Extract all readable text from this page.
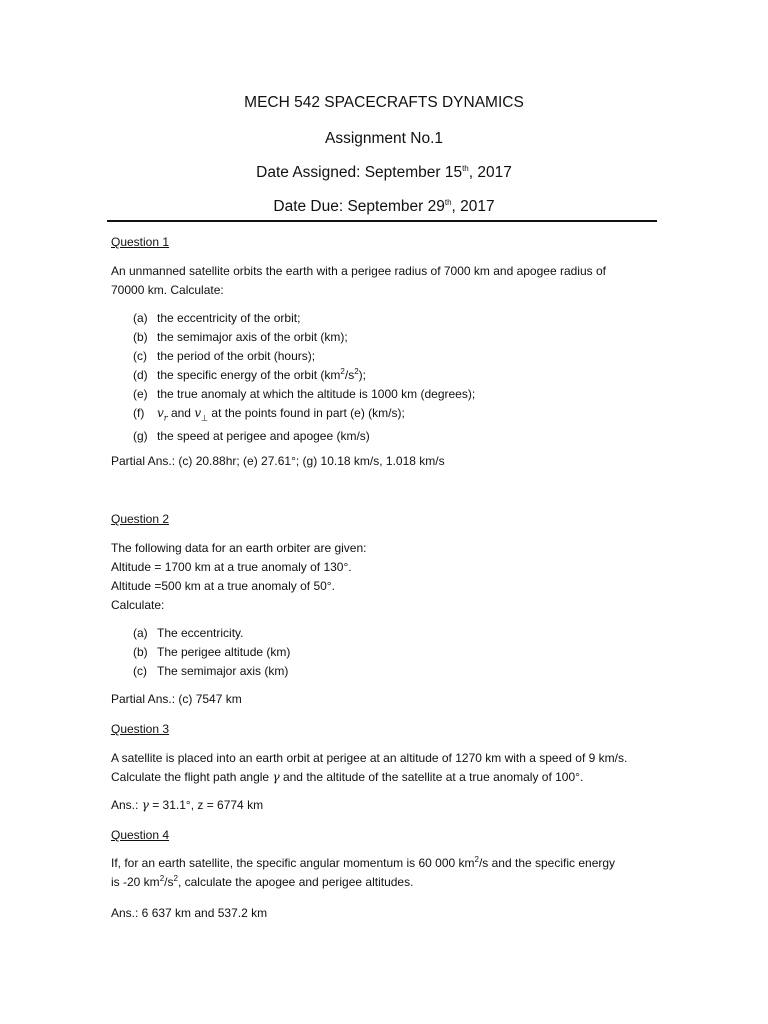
MECH 542 SPACECRAFTS DYNAMICS
Assignment No.1
Date Assigned: September 15th, 2017
Date Due: September 29th, 2017
Question 1
An unmanned satellite orbits the earth with a perigee radius of 7000 km and apogee radius of
70000 km. Calculate:
(a) the eccentricity of the orbit;
(b) the semimajor axis of the orbit (km);
(c) the period of the orbit (hours);
(d) the specific energy of the orbit $(km^2/s^2)$;
(e) the true anomaly at which the altitude is 1000 km (degrees);
(f)	$v_r$ and $v_\perp$ at the points found in part (e) (km/s);
(g) the speed at perigee and apogee (km/s)
Partial Ans.: (c) 20.88hr; (e) 27.61°; (g) 10.18 km/s, 1.018 km/s
Question 2
The following data for an earth orbiter are given:
Altitude = 1700 km at a true anomaly of 130°.
Altitude =500 km at a true anomaly of 50°.
Calculate:
(a) The eccentricity.
(b) The perigee altitude (km)
(c) The semimajor axis (km)
Partial Ans.: (c) 7547 km
Question 3
A satellite is placed into an earth orbit at perigee at an altitude of 1270 km with a speed of 9 km/s.
Calculate the flight path angle γ and the altitude of the satellite at a true anomaly of 100°.
Ans.: γ = 31.1°, z = 6774 km
Question 4
If, for an earth satellite, the specific angular momentum is 60 000 $km^2/s$ and the specific energy
is -20 $km^2/s^2$, calculate the apogee and perigee altitudes.
Ans.: 6 637 km and 537.2 km
